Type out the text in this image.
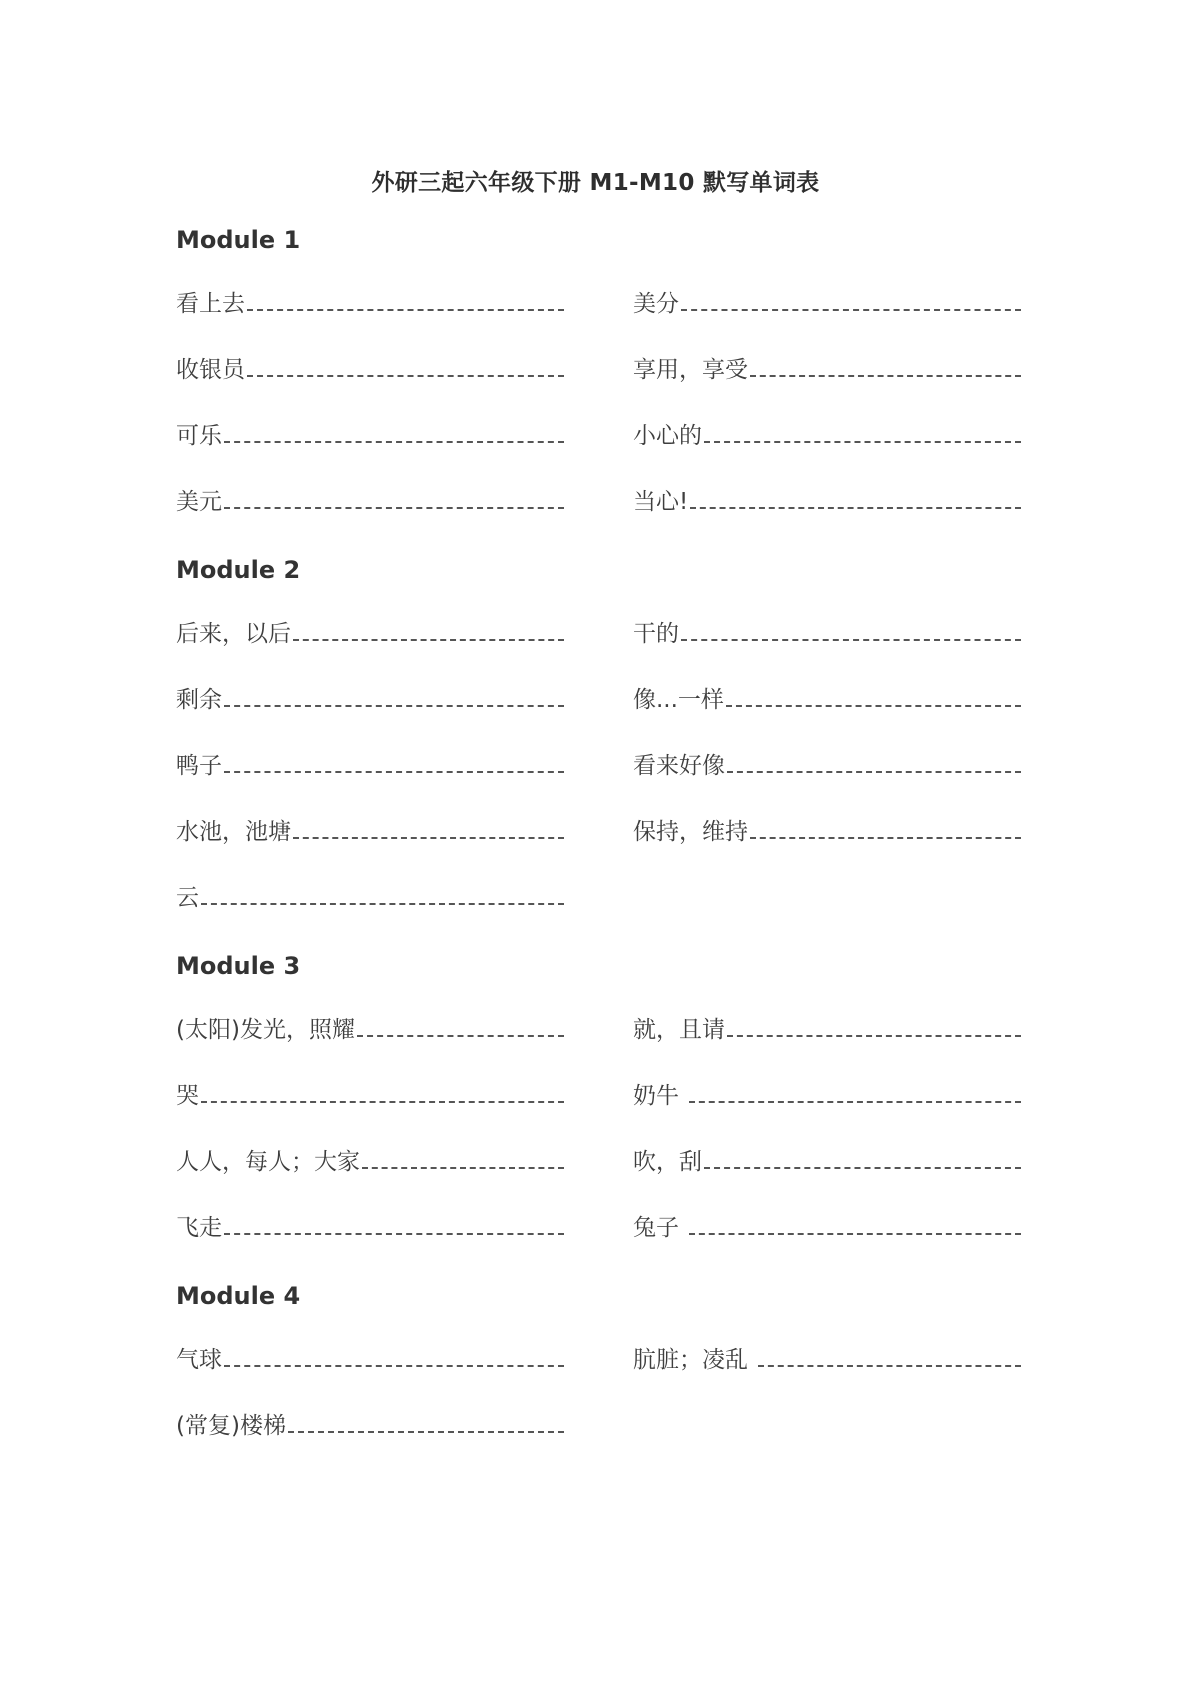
外研三起六年级下册 M1-M10 默写单词表
Module 1
看上去	美分
收银员	享用，享受
可乐	小心的
美元	当心!
Module 2
后来，以后	干的
剩余	像...一样
鸭子	看来好像
水池，池塘	保持，维持
云
Module 3
(太阳)发光，照耀	就，且请
哭	奶牛
人人，每人；大家	吹，刮
飞走	兔子
Module 4
气球	肮脏；凌乱
(常复)楼梯
